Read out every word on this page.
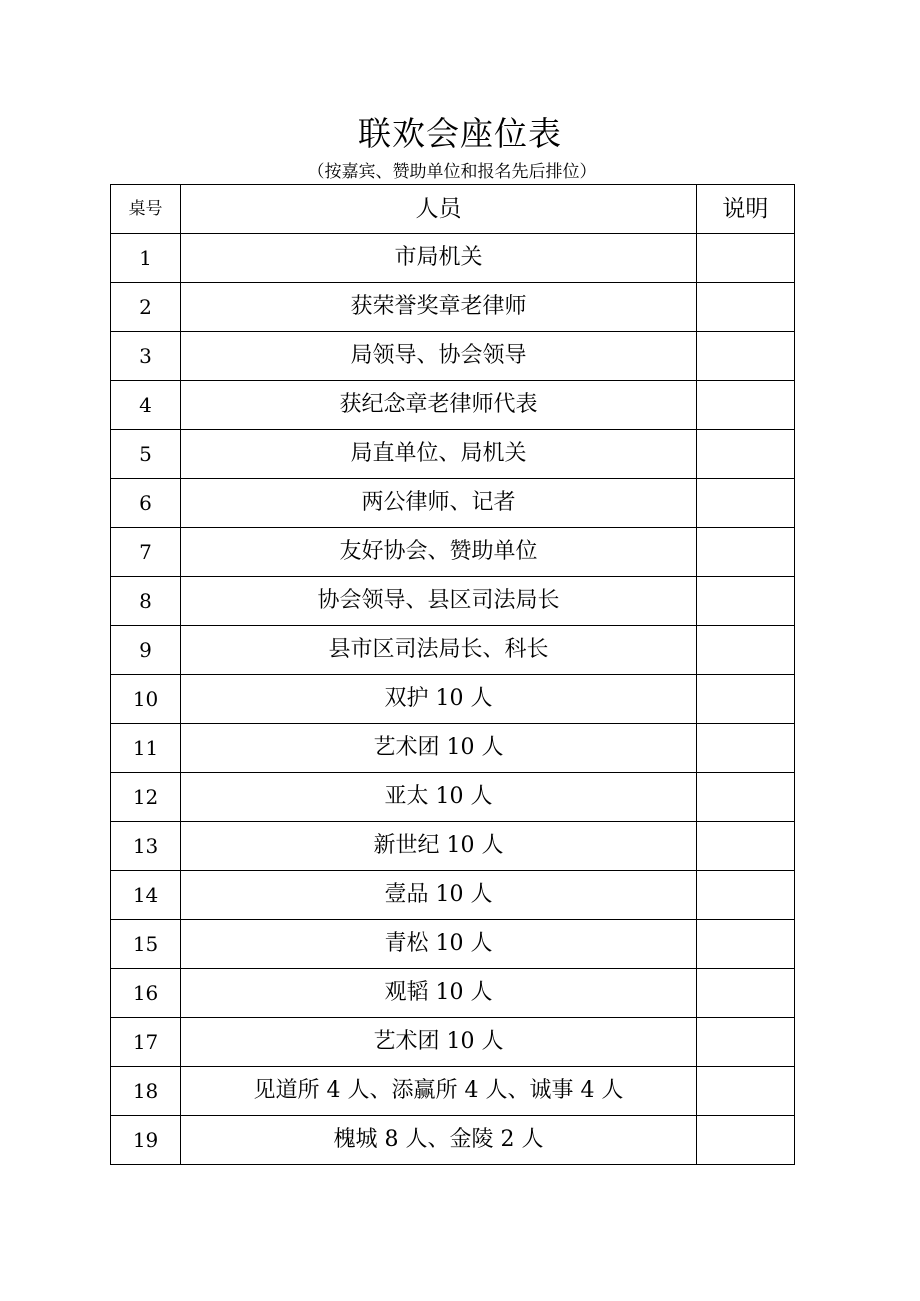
联欢会座位表
（按嘉宾、赞助单位和报名先后排位）
桌号	人员	说明
1	市局机关	
2	获荣誉奖章老律师	
3	局领导、协会领导	
4	获纪念章老律师代表	
5	局直单位、局机关	
6	两公律师、记者	
7	友好协会、赞助单位	
8	协会领导、县区司法局长	
9	县市区司法局长、科长	
10	双护 10 人	
11	艺术团 10 人	
12	亚太 10 人	
13	新世纪 10 人	
14	壹品 10 人	
15	青松 10 人	
16	观韬 10 人	
17	艺术团 10 人	
18	见道所 4 人、添赢所 4 人、诚事 4 人	
19	槐城 8 人、金陵 2 人	
